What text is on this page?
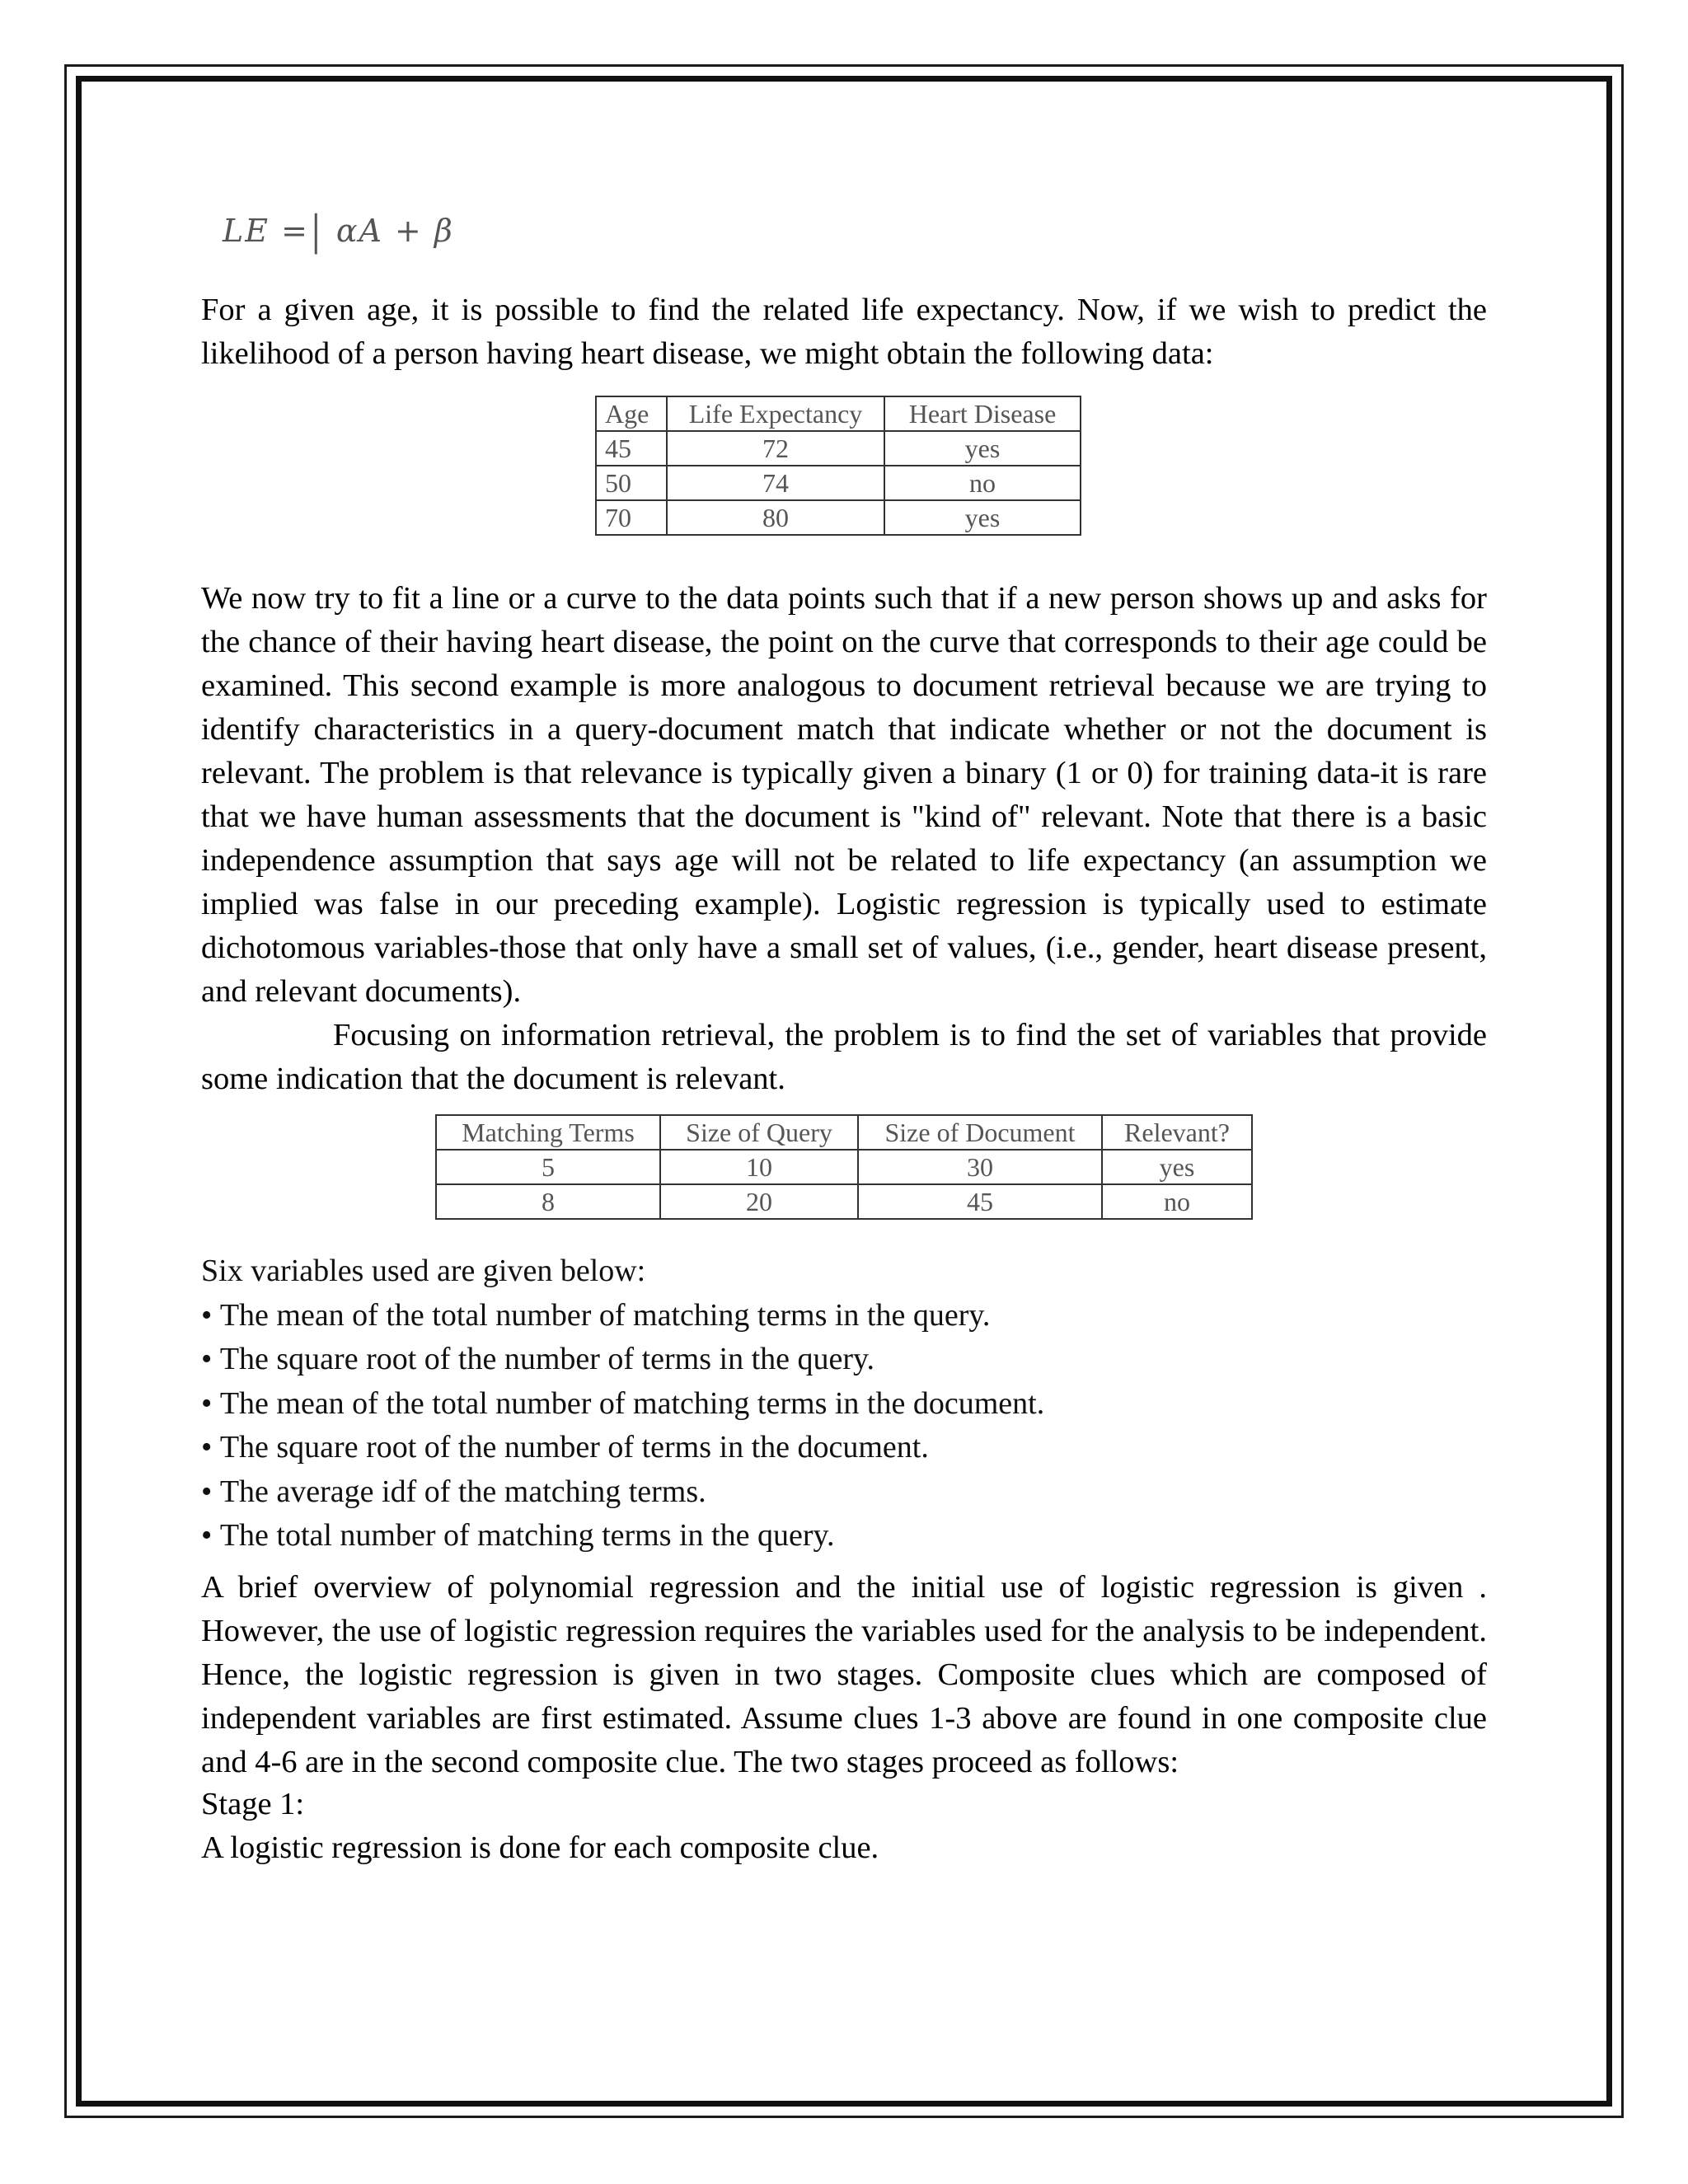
LE =| αA + β

For a given age, it is possible to find the related life expectancy. Now, if we wish to predict the likelihood of a person having heart disease, we might obtain the following data:

Age	Life Expectancy	Heart Disease
45	72	yes
50	74	no
70	80	yes

We now try to fit a line or a curve to the data points such that if a new person shows up and asks for the chance of their having heart disease, the point on the curve that corresponds to their age could be examined. This second example is more analogous to document retrieval because we are trying to identify characteristics in a query-document match that indicate whether or not the document is relevant. The problem is that relevance is typically given a binary (1 or 0) for training data-it is rare that we have human assessments that the document is "kind of" relevant. Note that there is a basic independence assumption that says age will not be related to life expectancy (an assumption we implied was false in our preceding example). Logistic regression is typically used to estimate dichotomous variables-those that only have a small set of values, (i.e., gender, heart disease present, and relevant documents).

Focusing on information retrieval, the problem is to find the set of variables that provide some indication that the document is relevant.

Matching Terms	Size of Query	Size of Document	Relevant?
5	10	30	yes
8	20	45	no
Six variables used are given below:
• The mean of the total number of matching terms in the query.
• The square root of the number of terms in the query.
• The mean of the total number of matching terms in the document.
• The square root of the number of terms in the document.
• The average idf of the matching terms.
• The total number of matching terms in the query.

A brief overview of polynomial regression and the initial use of logistic regression is given . However, the use of logistic regression requires the variables used for the analysis to be independent. Hence, the logistic regression is given in two stages. Composite clues which are composed of independent variables are first estimated. Assume clues 1-3 above are found in one composite clue and 4-6 are in the second composite clue. The two stages proceed as follows:

Stage 1:

A logistic regression is done for each composite clue.
